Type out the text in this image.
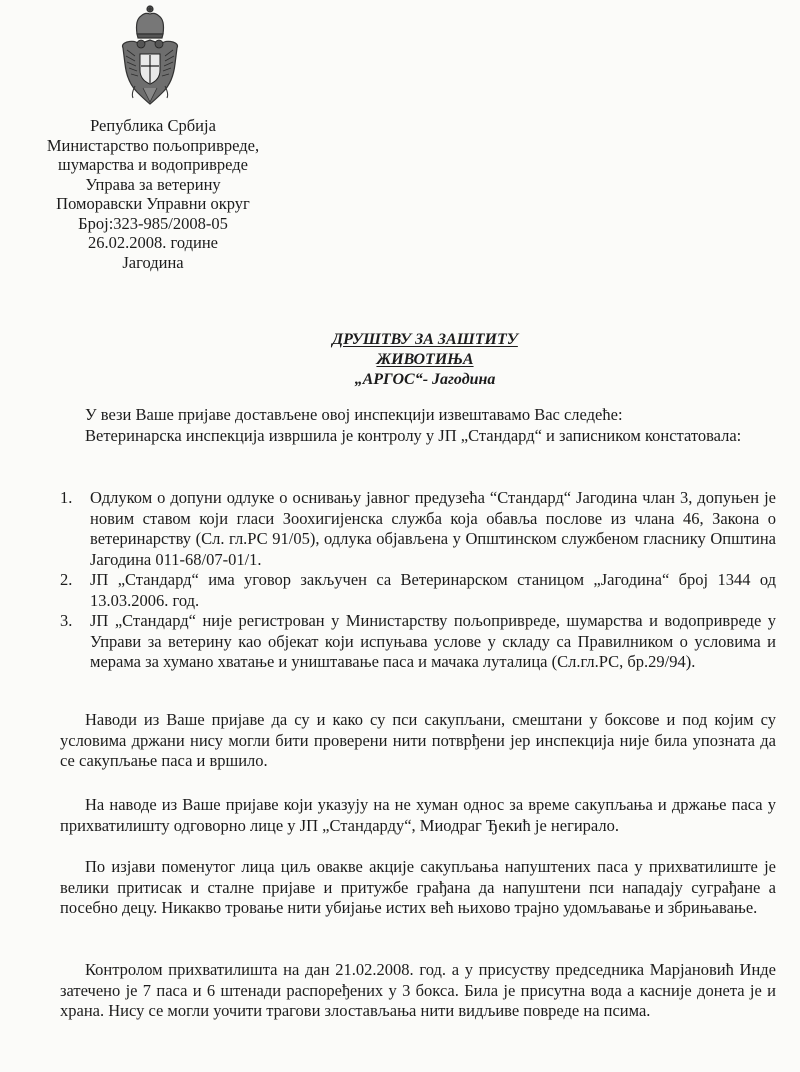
Република Србија
Министарство пољопривреде,
шумарства и водопривреде
Управа за ветерину
Поморавски Управни округ
Број:323-985/2008-05
26.02.2008. године
Јагодина
ДРУШТВУ ЗА ЗАШТИТУ ЖИВОТИЊА
„АРГОС“- Јагодина
У вези Ваше пријаве достављене овој инспекцији извештавамо Вас следеће:
Ветеринарска инспекција извршила је контролу у ЈП „Стандард“ и записником констатовала:
1. Одлуком о допуни одлуке о оснивању јавног предузећа “Стандард“ Јагодина члан 3, допуњен је новим ставом који гласи Зоохигијенска служба која обавља послове из члана 46, Закона о ветеринарству (Сл. гл.РС 91/05), одлука објављена у Општинском службеном гласнику Општина Јагодина 011-68/07-01/1.
2. ЈП „Стандард“ има уговор закључен са Ветеринарском станицом „Јагодина“ број 1344 од 13.03.2006. год.
3. ЈП „Стандард“ није регистрован у Министарству пољопривреде, шумарства и водопривреде у Управи за ветерину као објекат који испуњава услове у складу са Правилником о условима и мерама за хумано хватање и уништавање паса и мачака луталица (Сл.гл.РС, бр.29/94).
Наводи из Ваше пријаве да су и како су пси сакупљани, смештани у боксове и под којим су условима држани нису могли бити проверени нити потврђени јер инспекција није била упозната да се сакупљање паса и вршило.
На наводе из Ваше пријаве који указују на не хуман однос за време сакупљања и држање паса у прихватилишту одговорно лице у ЈП „Стандарду“, Миодраг Ђекић је негирало.
По изјави поменутог лица циљ овакве акције сакупљања напуштених паса у прихватилиште је велики притисак и сталне пријаве и притужбе грађана да напуштени пси нападају суграђане а посебно децу. Никакво тровање нити убијање истих већ њихово трајно удомљавање и збрињавање.
Контролом прихватилишта на дан 21.02.2008. год. а у присуству председника Марјановић Инде затечено је 7 паса и 6 штенади распоређених у 3 бокса. Била је присутна вода а касније донета је и храна. Нису се могли уочити трагови злостављања нити видљиве повреде на псима.
